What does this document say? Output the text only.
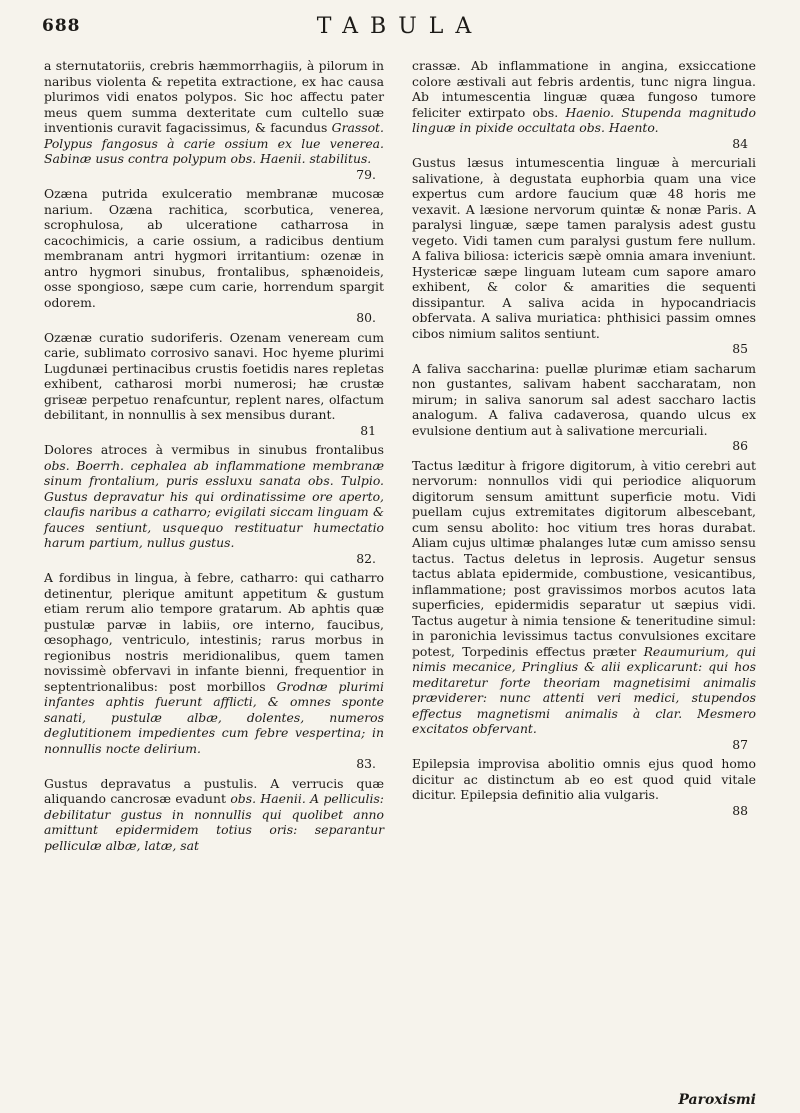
688	TABULA

a sternutatoriis, crebris hæmmorrhagiis, à pilorum in naribus violenta & repetita extractione, ex hac causa plurimos vidi enatos polypos. Sic hoc affectu pater meus quem summa dexteritate cum cultello suæ inventionis curavit fagacissimus, & facundus Grassot. Polypus fangosus à carie ossium ex lue venerea. Sabinæ usus contra polypum obs. Haenii. stabilitus.
79.

Ozæna putrida exulceratio membranæ mucosæ narium. Ozæna rachitica, scorbutica, venerea, scrophulosa, ab ulceratione catharrosa in cacochimicis, a carie ossium, a radicibus dentium membranam antri hygmori irritantium: ozenæ in antro hygmori sinubus, frontalibus, sphænoideis, osse spongioso, sæpe cum carie, horrendum spargit odorem.
80.

Ozænæ curatio sudoriferis. Ozenam veneream cum carie, sublimato corrosivo sanavi. Hoc hyeme plurimi Lugdunæi pertinacibus crustis foetidis nares repletas exhibent, catharosi morbi numerosi; hæ crustæ griseæ perpetuo renafcuntur, replent nares, olfactum debilitant, in nonnullis à sex mensibus durant.
81

Dolores atroces à vermibus in sinubus frontalibus obs. Boerrh. cephalea ab inflammatione membranæ sinum frontalium, puris essluxu sanata obs. Tulpio. Gustus depravatur his qui ordinatissime ore aperto, claufis naribus a catharro; evigilati siccam linguam & fauces sentiunt, usquequo restituatur humectatio harum partium, nullus gustus.
82.

A fordibus in lingua, à febre, catharro: qui catharro detinentur, plerique amitunt appetitum & gustum etiam rerum alio tempore gratarum. Ab aphtis quæ pustulæ parvæ in labiis, ore interno, faucibus, œsophago, ventriculo, intestinis; rarus morbus in regionibus nostris meridionalibus, quem tamen novissimè obfervavi in infante bienni, frequentior in septentrionalibus: post morbillos Grodnæ plurimi infantes aphtis fuerunt afflicti, & omnes sponte sanati, pustulæ albæ, dolentes, numeros deglutitionem impedientes cum febre vespertina; in nonnullis nocte delirium.
83.

Gustus depravatus a pustulis. A verrucis quæ aliquando cancrosæ evadunt obs. Haenii. A pelliculis: debilitatur gustus in nonnullis qui quolibet anno amittunt epidermidem totius oris: separantur pelliculæ albæ, latæ, sat

crassæ. Ab inflammatione in angina, exsiccatione colore æstivali aut febris ardentis, tunc nigra lingua. Ab intumescentia linguæ quæa fungoso tumore feliciter extirpato obs. Haenio. Stupenda magnitudo linguæ in pixide occultata obs. Haento.
84

Gustus læsus intumescentia linguæ à mercuriali salivatione, à degustata euphorbia quam una vice expertus cum ardore faucium quæ 48 horis me vexavit. A læsione nervorum quintæ & nonæ Paris. A paralysi linguæ, sæpe tamen paralysis adest gustu vegeto. Vidi tamen cum paralysi gustum fere nullum. A faliva biliosa: ictericis sæpè omnia amara inveniunt. Hystericæ sæpe linguam luteam cum sapore amaro exhibent, & color & amarities die sequenti dissipantur. A saliva acida in hypocandriacis obfervata. A saliva muriatica: phthisici passim omnes cibos nimium salitos sentiunt.
85

A faliva saccharina: puellæ plurimæ etiam sacharum non gustantes, salivam habent saccharatam, non mirum; in saliva sanorum sal adest saccharo lactis analogum. A faliva cadaverosa, quando ulcus ex evulsione dentium aut à salivatione mercuriali.
86

Tactus læditur à frigore digitorum, à vitio cerebri aut nervorum: nonnullos vidi qui periodice aliquorum digitorum sensum amittunt superficie motu. Vidi puellam cujus extremitates digitorum albescebant, cum sensu abolito: hoc vitium tres horas durabat. Aliam cujus ultimæ phalanges lutæ cum amisso sensu tactus. Tactus deletus in leprosis. Augetur sensus tactus ablata epidermide, combustione, vesicantibus, inflammatione; post gravissimos morbos acutos lata superficies, epidermidis separatur ut sæpius vidi. Tactus augetur à nimia tensione & teneritudine simul: in paronichia levissimus tactus convulsiones excitare potest, Torpedinis effectus præter Reaumurium, qui nimis mecanice, Pringlius & alii explicarunt: qui hos meditaretur forte theoriam magnetisimi animalis præviderer: nunc attenti veri medici, stupendos effectus magnetismi animalis à clar. Mesmero excitatos obfervant.
87

Epilepsia improvisa abolitio omnis ejus quod homo dicitur ac distinctum ab eo est quod quid vitale dicitur. Epilepsia definitio alia vulgaris.
88

Paroxismi
